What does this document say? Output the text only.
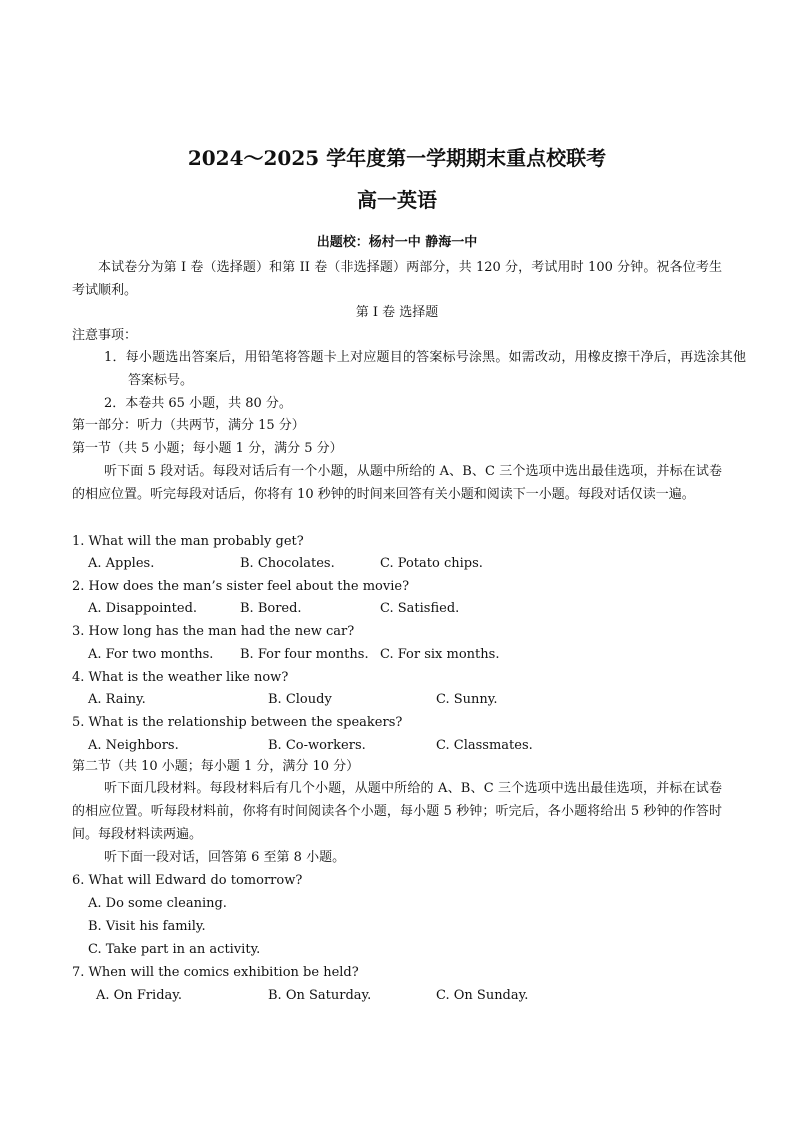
2024～2025 学年度第一学期期末重点校联考
高一英语
出题校：杨村一中 静海一中
本试卷分为第 I 卷（选择题）和第 II 卷（非选择题）两部分，共 120 分，考试用时 100 分钟。祝各位考生考试顺利。
第 I 卷 选择题
注意事项：
1．每小题选出答案后，用铅笔将答题卡上对应题目的答案标号涂黑。如需改动，用橡皮擦干净后，再选涂其他答案标号。
2．本卷共 65 小题，共 80 分。
第一部分：听力（共两节，满分 15 分）
第一节（共 5 小题；每小题 1 分，满分 5 分）
听下面 5 段对话。每段对话后有一个小题，从题中所给的 A、B、C 三个选项中选出最佳选项，并标在试卷的相应位置。听完每段对话后，你将有 10 秒钟的时间来回答有关小题和阅读下一小题。每段对话仅读一遍。
1. What will the man probably get?
A. Apples.	B. Chocolates.	C. Potato chips.
2. How does the man’s sister feel about the movie?
A. Disappointed.	B. Bored.	C. Satisfied.
3. How long has the man had the new car?
A. For two months. B. For four months. C. For six months.
4. What is the weather like now?
A. Rainy.	B. Cloudy	C. Sunny.
5. What is the relationship between the speakers?
A. Neighbors.	B. Co-workers.	C. Classmates.
第二节（共 10 小题；每小题 1 分，满分 10 分）
听下面几段材料。每段材料后有几个小题，从题中所给的 A、B、C 三个选项中选出最佳选项，并标在试卷的相应位置。听每段材料前，你将有时间阅读各个小题，每小题 5 秒钟；听完后，各小题将给出 5 秒钟的作答时间。每段材料读两遍。
听下面一段对话，回答第 6 至第 8 小题。
6. What will Edward do tomorrow?
A. Do some cleaning.
B. Visit his family.
C. Take part in an activity.
7. When will the comics exhibition be held?
A. On Friday.	B. On Saturday.	C. On Sunday.
